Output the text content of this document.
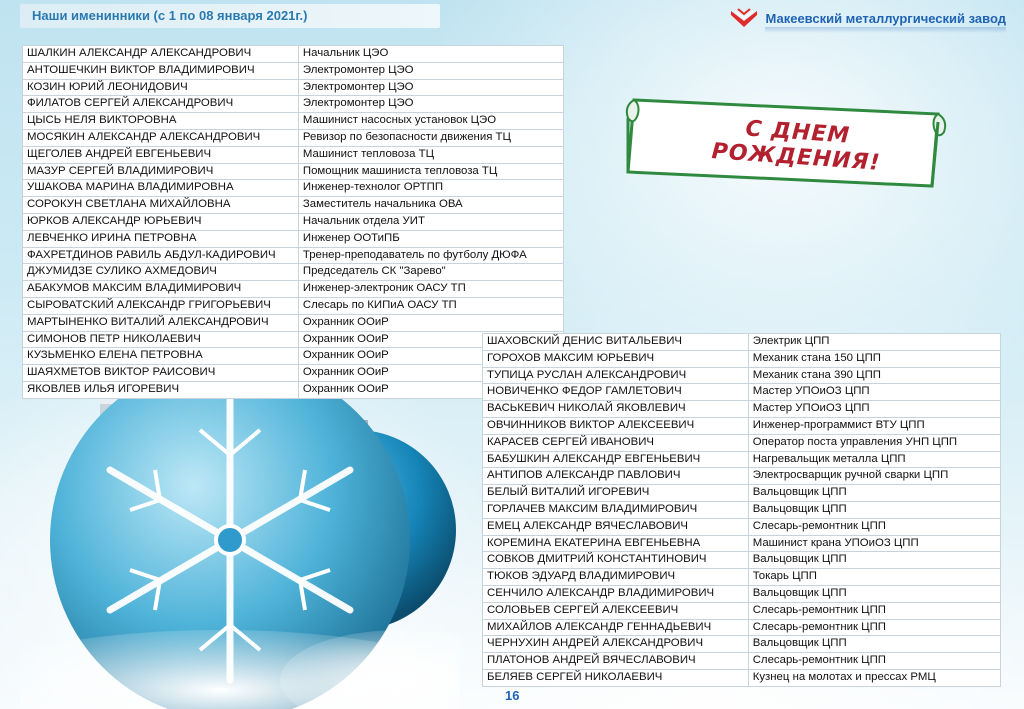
Наши именинники (с 1 по 08 января 2021г.)	Макеевский металлургический завод
С ДНЕМ РОЖДЕНИЯ!
ШАЛКИН АЛЕКСАНДР АЛЕКСАНДРОВИЧ	Начальник ЦЭО
АНТОШЕЧКИН ВИКТОР ВЛАДИМИРОВИЧ	Электромонтер ЦЭО
КОЗИН ЮРИЙ ЛЕОНИДОВИЧ	Электромонтер ЦЭО
ФИЛАТОВ СЕРГЕЙ АЛЕКСАНДРОВИЧ	Электромонтер ЦЭО
ЦЫСЬ НЕЛЯ ВИКТОРОВНА	Машинист насосных установок ЦЭО
МОСЯКИН АЛЕКСАНДР АЛЕКСАНДРОВИЧ	Ревизор по безопасности движения ТЦ
ЩЕГОЛЕВ АНДРЕЙ ЕВГЕНЬЕВИЧ	Машинист тепловоза ТЦ
МАЗУР СЕРГЕЙ ВЛАДИМИРОВИЧ	Помощник машиниста тепловоза ТЦ
УШАКОВА МАРИНА ВЛАДИМИРОВНА	Инженер-технолог ОРТПП
СОРОКУН СВЕТЛАНА МИХАЙЛОВНА	Заместитель начальника ОВА
ЮРКОВ АЛЕКСАНДР ЮРЬЕВИЧ	Начальник отдела УИТ
ЛЕВЧЕНКО ИРИНА ПЕТРОВНА	Инженер ООТиПБ
ФАХРЕТДИНОВ РАВИЛЬ АБДУЛ-КАДИРОВИЧ	Тренер-преподаватель по футболу ДЮФА
ДЖУМИДЗЕ СУЛИКО АХМЕДОВИЧ	Председатель СК "Зарево"
АБАКУМОВ МАКСИМ ВЛАДИМИРОВИЧ	Инженер-электроник ОАСУ ТП
СЫРОВАТСКИЙ АЛЕКСАНДР ГРИГОРЬЕВИЧ	Слесарь по КИПиА ОАСУ ТП
МАРТЫНЕНКО ВИТАЛИЙ АЛЕКСАНДРОВИЧ	Охранник ООиР
СИМОНОВ ПЕТР НИКОЛАЕВИЧ	Охранник ООиР
КУЗЬМЕНКО ЕЛЕНА ПЕТРОВНА	Охранник ООиР
ШАЯХМЕТОВ ВИКТОР РАИСОВИЧ	Охранник ООиР
ЯКОВЛЕВ ИЛЬЯ ИГОРЕВИЧ	Охранник ООиР
ШАХОВСКИЙ ДЕНИС ВИТАЛЬЕВИЧ	Электрик ЦПП
ГОРОХОВ МАКСИМ ЮРЬЕВИЧ	Механик стана 150 ЦПП
ТУПИЦА РУСЛАН АЛЕКСАНДРОВИЧ	Механик стана 390 ЦПП
НОВИЧЕНКО ФЕДОР ГАМЛЕТОВИЧ	Мастер УПОиОЗ ЦПП
ВАСЬКЕВИЧ НИКОЛАЙ ЯКОВЛЕВИЧ	Мастер УПОиОЗ ЦПП
ОВЧИННИКОВ ВИКТОР АЛЕКСЕЕВИЧ	Инженер-программист ВТУ ЦПП
КАРАСЕВ СЕРГЕЙ ИВАНОВИЧ	Оператор поста управления УНП ЦПП
БАБУШКИН АЛЕКСАНДР ЕВГЕНЬЕВИЧ	Нагревальщик металла ЦПП
АНТИПОВ АЛЕКСАНДР ПАВЛОВИЧ	Электросварщик ручной сварки ЦПП
БЕЛЫЙ ВИТАЛИЙ ИГОРЕВИЧ	Вальцовщик ЦПП
ГОРЛАЧЕВ МАКСИМ ВЛАДИМИРОВИЧ	Вальцовщик ЦПП
ЕМЕЦ АЛЕКСАНДР ВЯЧЕСЛАВОВИЧ	Слесарь-ремонтник ЦПП
КОРЕМИНА ЕКАТЕРИНА ЕВГЕНЬЕВНА	Машинист крана УПОиОЗ ЦПП
СОВКОВ ДМИТРИЙ КОНСТАНТИНОВИЧ	Вальцовщик ЦПП
ТЮКОВ ЭДУАРД ВЛАДИМИРОВИЧ	Токарь ЦПП
СЕНЧИЛО АЛЕКСАНДР ВЛАДИМИРОВИЧ	Вальцовщик ЦПП
СОЛОВЬЕВ СЕРГЕЙ АЛЕКСЕЕВИЧ	Слесарь-ремонтник ЦПП
МИХАЙЛОВ АЛЕКСАНДР ГЕННАДЬЕВИЧ	Слесарь-ремонтник ЦПП
ЧЕРНУХИН АНДРЕЙ АЛЕКСАНДРОВИЧ	Вальцовщик ЦПП
ПЛАТОНОВ АНДРЕЙ ВЯЧЕСЛАВОВИЧ	Слесарь-ремонтник ЦПП
БЕЛЯЕВ СЕРГЕЙ НИКОЛАЕВИЧ	Кузнец на молотах и прессах РМЦ
16
